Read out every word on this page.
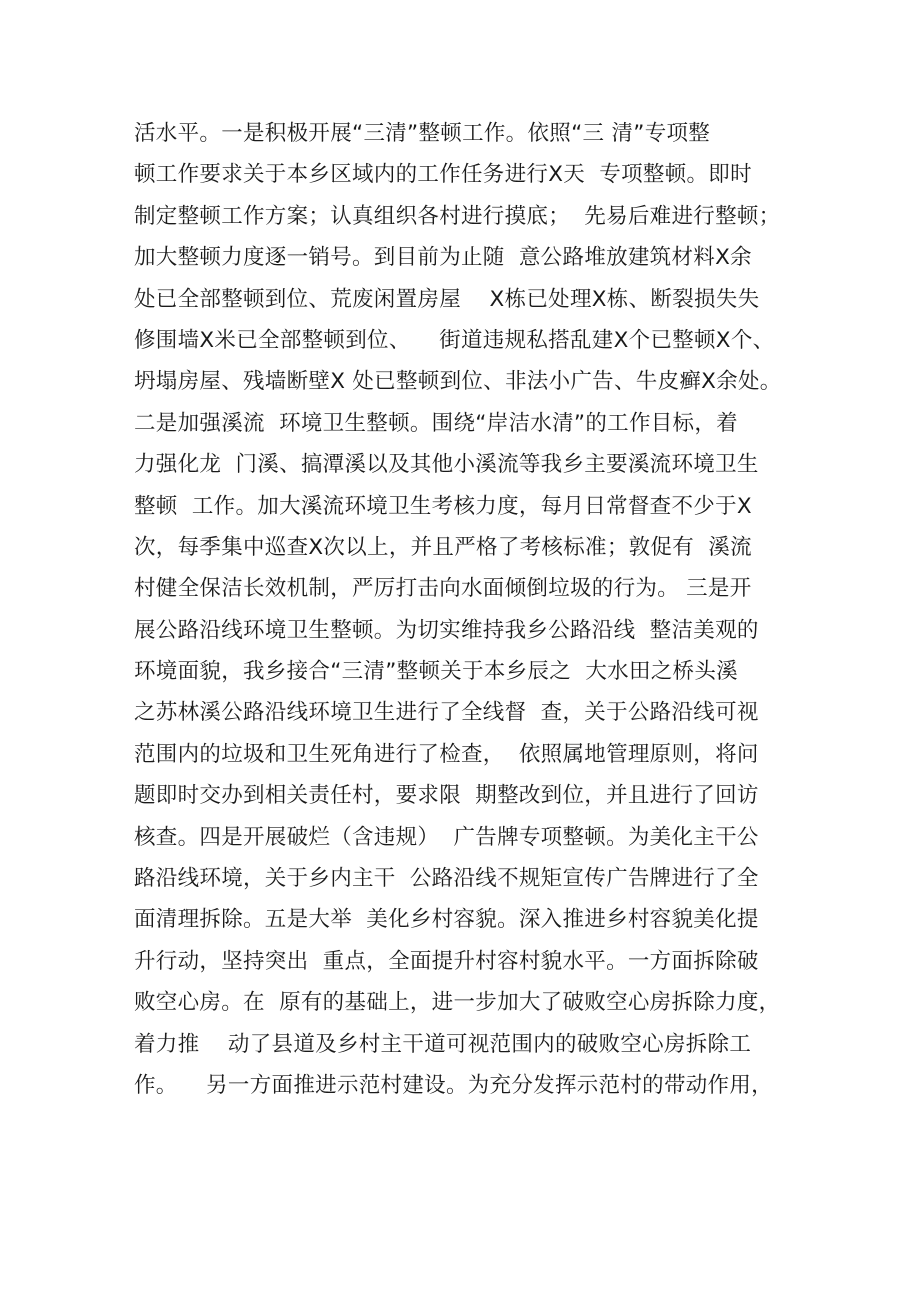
活水平。一是积极开展“三清”整顿工作。依照“三 清”专项整
顿工作要求关于本乡区域内的工作任务进行X天  专项整顿。即时
制定整顿工作方案；认真组织各村进行摸底；  先易后难进行整顿；
加大整顿力度逐一销号。到目前为止随  意公路堆放建筑材料X余
处已全部整顿到位、荒废闲置房屋    X栋已处理X栋、断裂损失失
修围墙X米已全部整顿到位、    街道违规私搭乱建X个已整顿X个、
坍塌房屋、残墙断壁X 处已整顿到位、非法小广告、牛皮癣X余处。
二是加强溪流  环境卫生整顿。围绕“岸洁水清”的工作目标，着
力强化龙  门溪、搞潭溪以及其他小溪流等我乡主要溪流环境卫生
整顿  工作。加大溪流环境卫生考核力度，每月日常督查不少于X
次，每季集中巡查X次以上，并且严格了考核标准；敦促有  溪流
村健全保洁长效机制，严厉打击向水面倾倒垃圾的行为。 三是开
展公路沿线环境卫生整顿。为切实维持我乡公路沿线  整洁美观的
环境面貌，我乡接合“三清”整顿关于本乡辰之  大水田之桥头溪
之苏林溪公路沿线环境卫生进行了全线督  查，关于公路沿线可视
范围内的垃圾和卫生死角进行了检查，  依照属地管理原则，将问
题即时交办到相关责任村，要求限  期整改到位，并且进行了回访
核查。四是开展破烂（含违规）  广告牌专项整顿。为美化主干公
路沿线环境，关于乡内主干  公路沿线不规矩宣传广告牌进行了全
面清理拆除。五是大举  美化乡村容貌。深入推进乡村容貌美化提
升行动，坚持突出  重点，全面提升村容村貌水平。一方面拆除破
败空心房。在  原有的基础上，进一步加大了破败空心房拆除力度，
着力推    动了县道及乡村主干道可视范围内的破败空心房拆除工
作。    另一方面推进示范村建设。为充分发挥示范村的带动作用，
